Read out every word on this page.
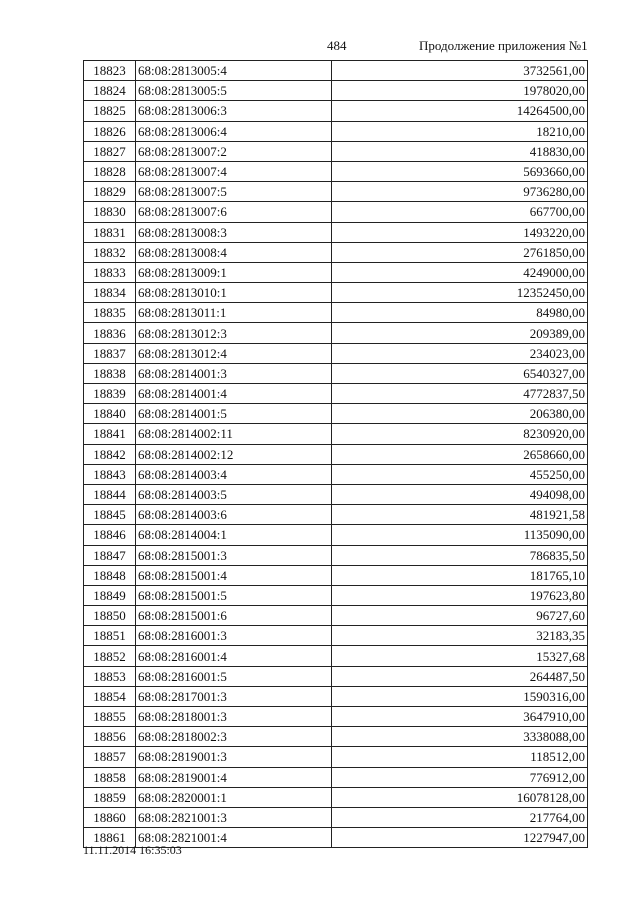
484	Продолжение приложения №1
18823	68:08:2813005:4	3732561,00
18824	68:08:2813005:5	1978020,00
18825	68:08:2813006:3	14264500,00
18826	68:08:2813006:4	18210,00
18827	68:08:2813007:2	418830,00
18828	68:08:2813007:4	5693660,00
18829	68:08:2813007:5	9736280,00
18830	68:08:2813007:6	667700,00
18831	68:08:2813008:3	1493220,00
18832	68:08:2813008:4	2761850,00
18833	68:08:2813009:1	4249000,00
18834	68:08:2813010:1	12352450,00
18835	68:08:2813011:1	84980,00
18836	68:08:2813012:3	209389,00
18837	68:08:2813012:4	234023,00
18838	68:08:2814001:3	6540327,00
18839	68:08:2814001:4	4772837,50
18840	68:08:2814001:5	206380,00
18841	68:08:2814002:11	8230920,00
18842	68:08:2814002:12	2658660,00
18843	68:08:2814003:4	455250,00
18844	68:08:2814003:5	494098,00
18845	68:08:2814003:6	481921,58
18846	68:08:2814004:1	1135090,00
18847	68:08:2815001:3	786835,50
18848	68:08:2815001:4	181765,10
18849	68:08:2815001:5	197623,80
18850	68:08:2815001:6	96727,60
18851	68:08:2816001:3	32183,35
18852	68:08:2816001:4	15327,68
18853	68:08:2816001:5	264487,50
18854	68:08:2817001:3	1590316,00
18855	68:08:2818001:3	3647910,00
18856	68:08:2818002:3	3338088,00
18857	68:08:2819001:3	118512,00
18858	68:08:2819001:4	776912,00
18859	68:08:2820001:1	16078128,00
18860	68:08:2821001:3	217764,00
18861	68:08:2821001:4	1227947,00
11.11.2014 16:35:03
